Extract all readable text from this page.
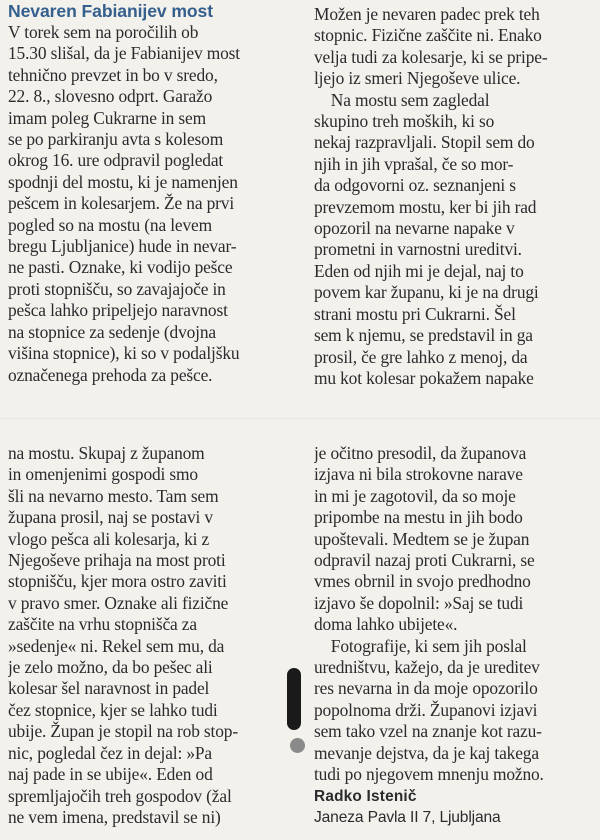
Nevaren Fabianijev most
V torek sem na poročilih ob
15.30 slišal, da je Fabianijev most
tehnično prevzet in bo v sredo,
22. 8., slovesno odprt. Garažo
imam poleg Cukrarne in sem
se po parkiranju avta s kolesom
okrog 16. ure odpravil pogledat
spodnji del mostu, ki je namenjen
pešcem in kolesarjem. Že na prvi
pogled so na mostu (na levem
bregu Ljubljanice) hude in nevar-
ne pasti. Oznake, ki vodijo pešce
proti stopnišču, so zavajajoče in
pešca lahko pripeljejo naravnost
na stopnice za sedenje (dvojna
višina stopnice), ki so v podaljšku
označenega prehoda za pešce.
Možen je nevaren padec prek teh
stopnic. Fizične zaščite ni. Enako
velja tudi za kolesarje, ki se pripe-
ljejo iz smeri Njegoševe ulice.
Na mostu sem zagledal
skupino treh moških, ki so
nekaj razpravljali. Stopil sem do
njih in jih vprašal, če so mor-
da odgovorni oz. seznanjeni s
prevzemom mostu, ker bi jih rad
opozoril na nevarne napake v
prometni in varnostni ureditvi.
Eden od njih mi je dejal, naj to
povem kar županu, ki je na drugi
strani mostu pri Cukrarni. Šel
sem k njemu, se predstavil in ga
prosil, če gre lahko z menoj, da
mu kot kolesar pokažem napake
na mostu. Skupaj z županom
in omenjenimi gospodi smo
šli na nevarno mesto. Tam sem
župana prosil, naj se postavi v
vlogo pešca ali kolesarja, ki z
Njegoševe prihaja na most proti
stopnišču, kjer mora ostro zaviti
v pravo smer. Oznake ali fizične
zaščite na vrhu stopnišča za
»sedenje« ni. Rekel sem mu, da
je zelo možno, da bo pešec ali
kolesar šel naravnost in padel
čez stopnice, kjer se lahko tudi
ubije. Župan je stopil na rob stop-
nic, pogledal čez in dejal: »Pa
naj pade in se ubije«. Eden od
spremljajočih treh gospodov (žal
ne vem imena, predstavil se ni)
je očitno presodil, da županova
izjava ni bila strokovne narave
in mi je zagotovil, da so moje
pripombe na mestu in jih bodo
upoštevali. Medtem se je župan
odpravil nazaj proti Cukrarni, se
vmes obrnil in svojo predhodno
izjavo še dopolnil: »Saj se tudi
doma lahko ubijete«.
Fotografije, ki sem jih poslal
uredništvu, kažejo, da je ureditev
res nevarna in da moje opozorilo
popolnoma drži. Županovi izjavi
sem tako vzel na znanje kot razu-
mevanje dejstva, da je kaj takega
tudi po njegovem mnenju možno.
Radko Istenič
Janeza Pavla II 7, Ljubljana
